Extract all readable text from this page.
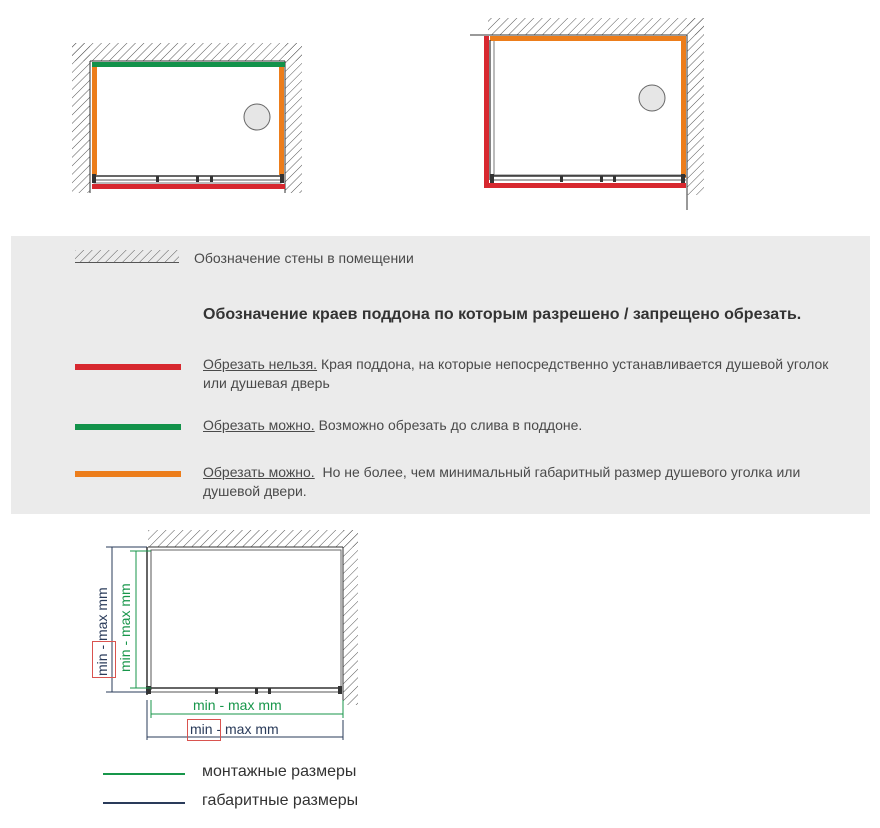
Обозначение стены в помещении
Обозначение краев поддона по которым разрешено / запрещено обрезать.
Обрезать нельзя. Края поддона, на которые непосредственно устанавливается душевой уголок или душевая дверь
Обрезать можно. Возможно обрезать до слива в поддоне.
Обрезать можно.  Но не более, чем минимальный габаритный размер душевого уголка или душевой двери.
min - max mm
min - max mm
min - max mm min - max mm
монтажные размеры
габаритные размеры
